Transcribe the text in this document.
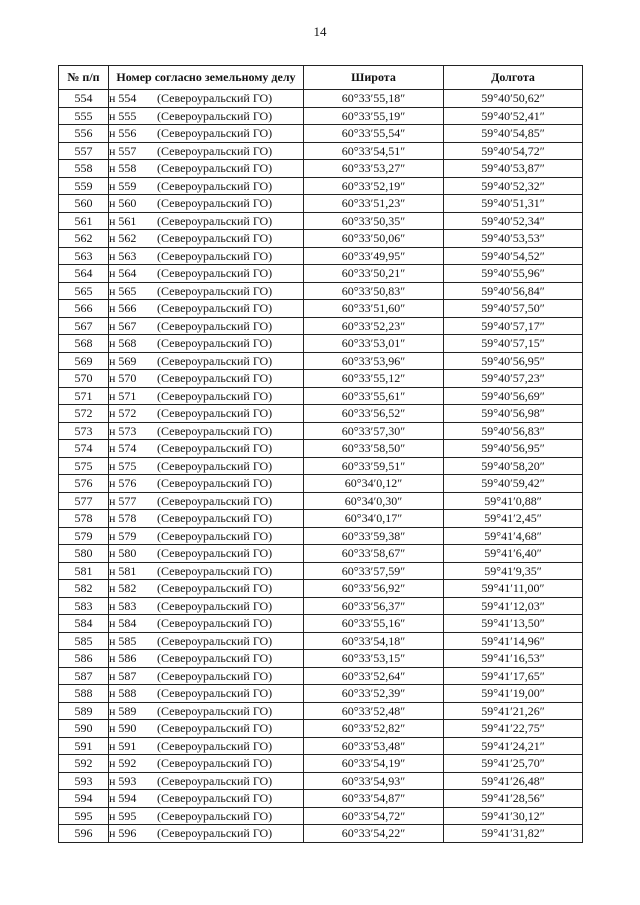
14
№ п/п	Номер согласно земельному делу	Широта	Долгота
554	н 554 (Североуральский ГО)	60°33′55,18″	59°40′50,62″
555	н 555 (Североуральский ГО)	60°33′55,19″	59°40′52,41″
556	н 556 (Североуральский ГО)	60°33′55,54″	59°40′54,85″
557	н 557 (Североуральский ГО)	60°33′54,51″	59°40′54,72″
558	н 558 (Североуральский ГО)	60°33′53,27″	59°40′53,87″
559	н 559 (Североуральский ГО)	60°33′52,19″	59°40′52,32″
560	н 560 (Североуральский ГО)	60°33′51,23″	59°40′51,31″
561	н 561 (Североуральский ГО)	60°33′50,35″	59°40′52,34″
562	н 562 (Североуральский ГО)	60°33′50,06″	59°40′53,53″
563	н 563 (Североуральский ГО)	60°33′49,95″	59°40′54,52″
564	н 564 (Североуральский ГО)	60°33′50,21″	59°40′55,96″
565	н 565 (Североуральский ГО)	60°33′50,83″	59°40′56,84″
566	н 566 (Североуральский ГО)	60°33′51,60″	59°40′57,50″
567	н 567 (Североуральский ГО)	60°33′52,23″	59°40′57,17″
568	н 568 (Североуральский ГО)	60°33′53,01″	59°40′57,15″
569	н 569 (Североуральский ГО)	60°33′53,96″	59°40′56,95″
570	н 570 (Североуральский ГО)	60°33′55,12″	59°40′57,23″
571	н 571 (Североуральский ГО)	60°33′55,61″	59°40′56,69″
572	н 572 (Североуральский ГО)	60°33′56,52″	59°40′56,98″
573	н 573 (Североуральский ГО)	60°33′57,30″	59°40′56,83″
574	н 574 (Североуральский ГО)	60°33′58,50″	59°40′56,95″
575	н 575 (Североуральский ГО)	60°33′59,51″	59°40′58,20″
576	н 576 (Североуральский ГО)	60°34′0,12″	59°40′59,42″
577	н 577 (Североуральский ГО)	60°34′0,30″	59°41′0,88″
578	н 578 (Североуральский ГО)	60°34′0,17″	59°41′2,45″
579	н 579 (Североуральский ГО)	60°33′59,38″	59°41′4,68″
580	н 580 (Североуральский ГО)	60°33′58,67″	59°41′6,40″
581	н 581 (Североуральский ГО)	60°33′57,59″	59°41′9,35″
582	н 582 (Североуральский ГО)	60°33′56,92″	59°41′11,00″
583	н 583 (Североуральский ГО)	60°33′56,37″	59°41′12,03″
584	н 584 (Североуральский ГО)	60°33′55,16″	59°41′13,50″
585	н 585 (Североуральский ГО)	60°33′54,18″	59°41′14,96″
586	н 586 (Североуральский ГО)	60°33′53,15″	59°41′16,53″
587	н 587 (Североуральский ГО)	60°33′52,64″	59°41′17,65″
588	н 588 (Североуральский ГО)	60°33′52,39″	59°41′19,00″
589	н 589 (Североуральский ГО)	60°33′52,48″	59°41′21,26″
590	н 590 (Североуральский ГО)	60°33′52,82″	59°41′22,75″
591	н 591 (Североуральский ГО)	60°33′53,48″	59°41′24,21″
592	н 592 (Североуральский ГО)	60°33′54,19″	59°41′25,70″
593	н 593 (Североуральский ГО)	60°33′54,93″	59°41′26,48″
594	н 594 (Североуральский ГО)	60°33′54,87″	59°41′28,56″
595	н 595 (Североуральский ГО)	60°33′54,72″	59°41′30,12″
596	н 596 (Североуральский ГО)	60°33′54,22″	59°41′31,82″
